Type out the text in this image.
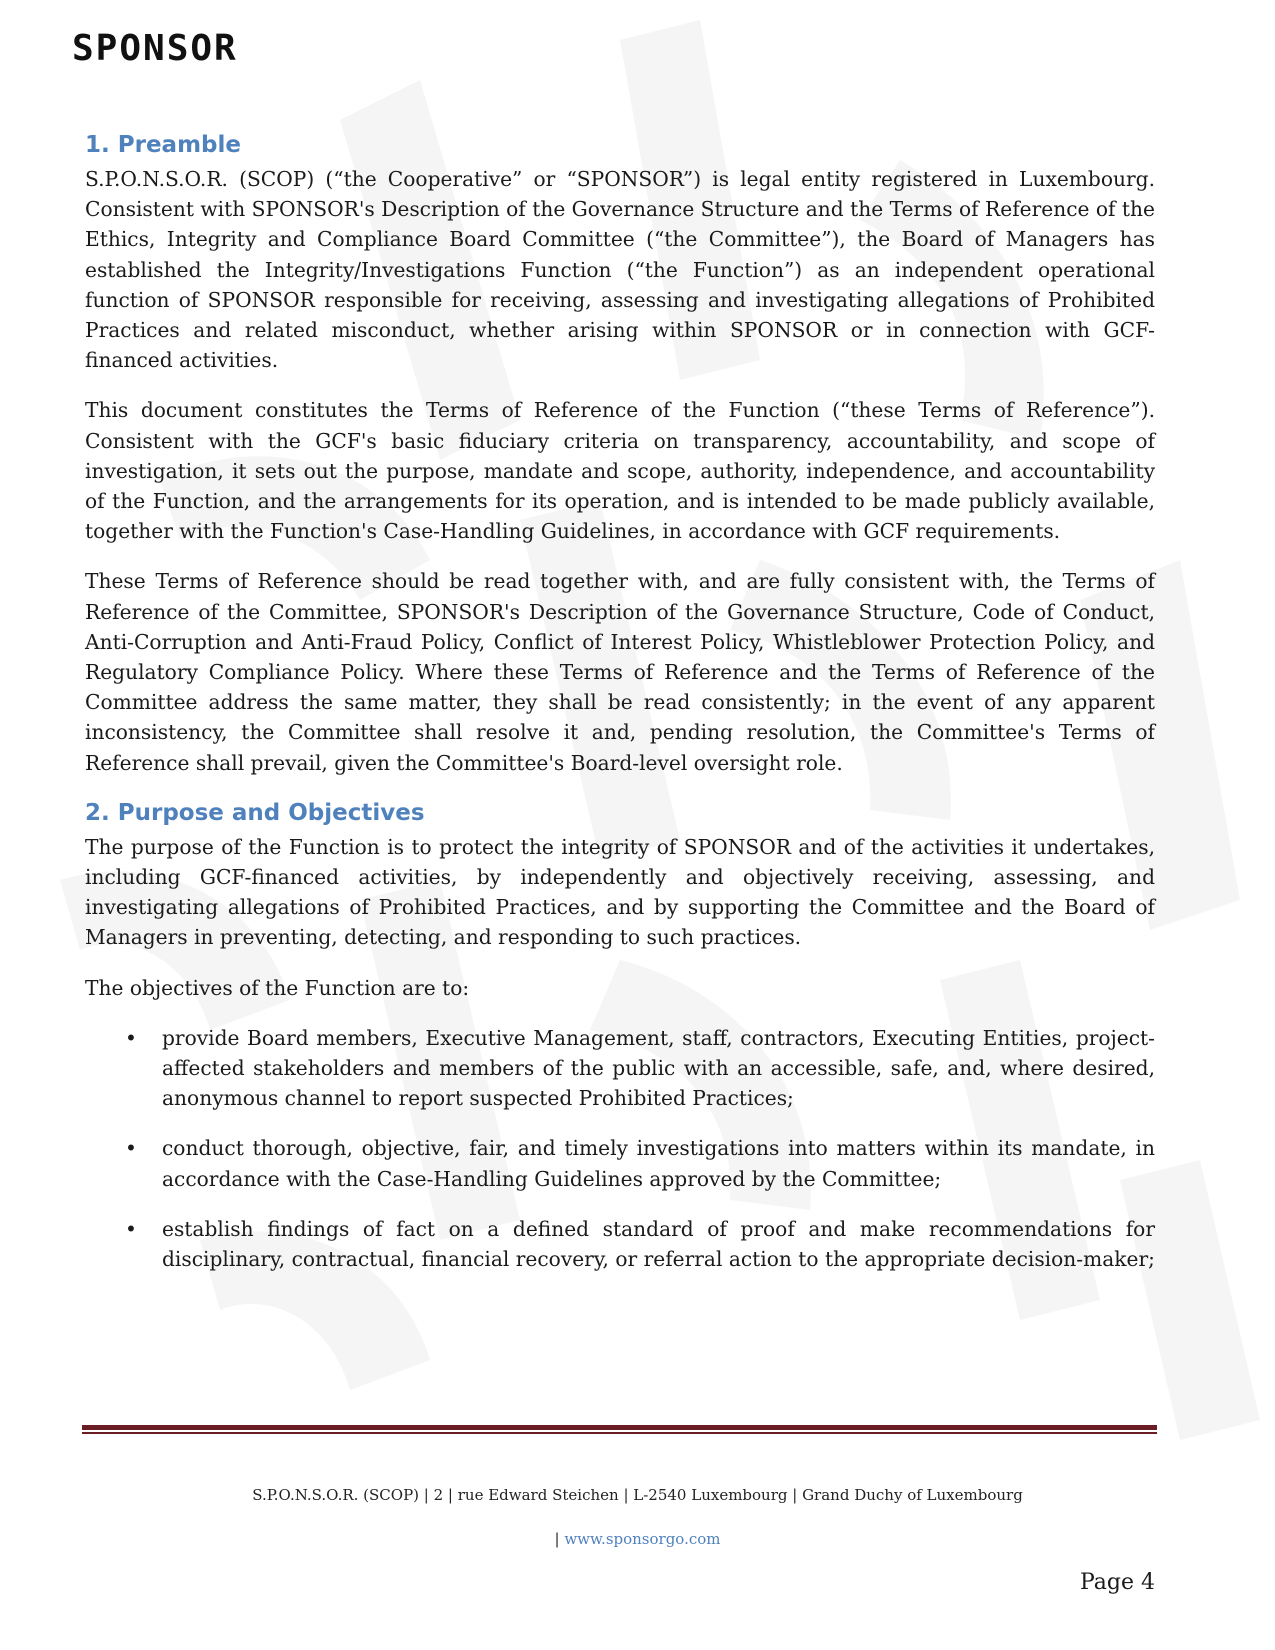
SPONSOR
1. Preamble

S.P.O.N.S.O.R. (SCOP) (“the Cooperative” or “SPONSOR”) is legal entity registered in Luxembourg. Consistent with SPONSOR's Description of the Governance Structure and the Terms of Reference of the Ethics, Integrity and Compliance Board Committee (“the Committee”), the Board of Managers has established the Integrity/Investigations Function (“the Function”) as an independent operational function of SPONSOR responsible for receiving, assessing and investigating allegations of Prohibited Practices and related misconduct, whether arising within SPONSOR or in connection with GCF-financed activities.

This document constitutes the Terms of Reference of the Function (“these Terms of Reference”). Consistent with the GCF's basic fiduciary criteria on transparency, accountability, and scope of investigation, it sets out the purpose, mandate and scope, authority, independence, and accountability of the Function, and the arrangements for its operation, and is intended to be made publicly available, together with the Function's Case-Handling Guidelines, in accordance with GCF requirements.

These Terms of Reference should be read together with, and are fully consistent with, the Terms of Reference of the Committee, SPONSOR's Description of the Governance Structure, Code of Conduct, Anti-Corruption and Anti-Fraud Policy, Conflict of Interest Policy, Whistleblower Protection Policy, and Regulatory Compliance Policy. Where these Terms of Reference and the Terms of Reference of the Committee address the same matter, they shall be read consistently; in the event of any apparent inconsistency, the Committee shall resolve it and, pending resolution, the Committee's Terms of Reference shall prevail, given the Committee's Board-level oversight role.

2. Purpose and Objectives

The purpose of the Function is to protect the integrity of SPONSOR and of the activities it undertakes, including GCF-financed activities, by independently and objectively receiving, assessing, and investigating allegations of Prohibited Practices, and by supporting the Committee and the Board of Managers in preventing, detecting, and responding to such practices.

The objectives of the Function are to:

• provide Board members, Executive Management, staff, contractors, Executing Entities, project-affected stakeholders and members of the public with an accessible, safe, and, where desired, anonymous channel to report suspected Prohibited Practices;
• conduct thorough, objective, fair, and timely investigations into matters within its mandate, in accordance with the Case-Handling Guidelines approved by the Committee;
• establish findings of fact on a defined standard of proof and make recommendations for disciplinary, contractual, financial recovery, or referral action to the appropriate decision-maker;
S.P.O.N.S.O.R. (SCOP) | 2 | rue Edward Steichen | L-2540 Luxembourg | Grand Duchy of Luxembourg
| www.sponsorgo.com
Page 4
